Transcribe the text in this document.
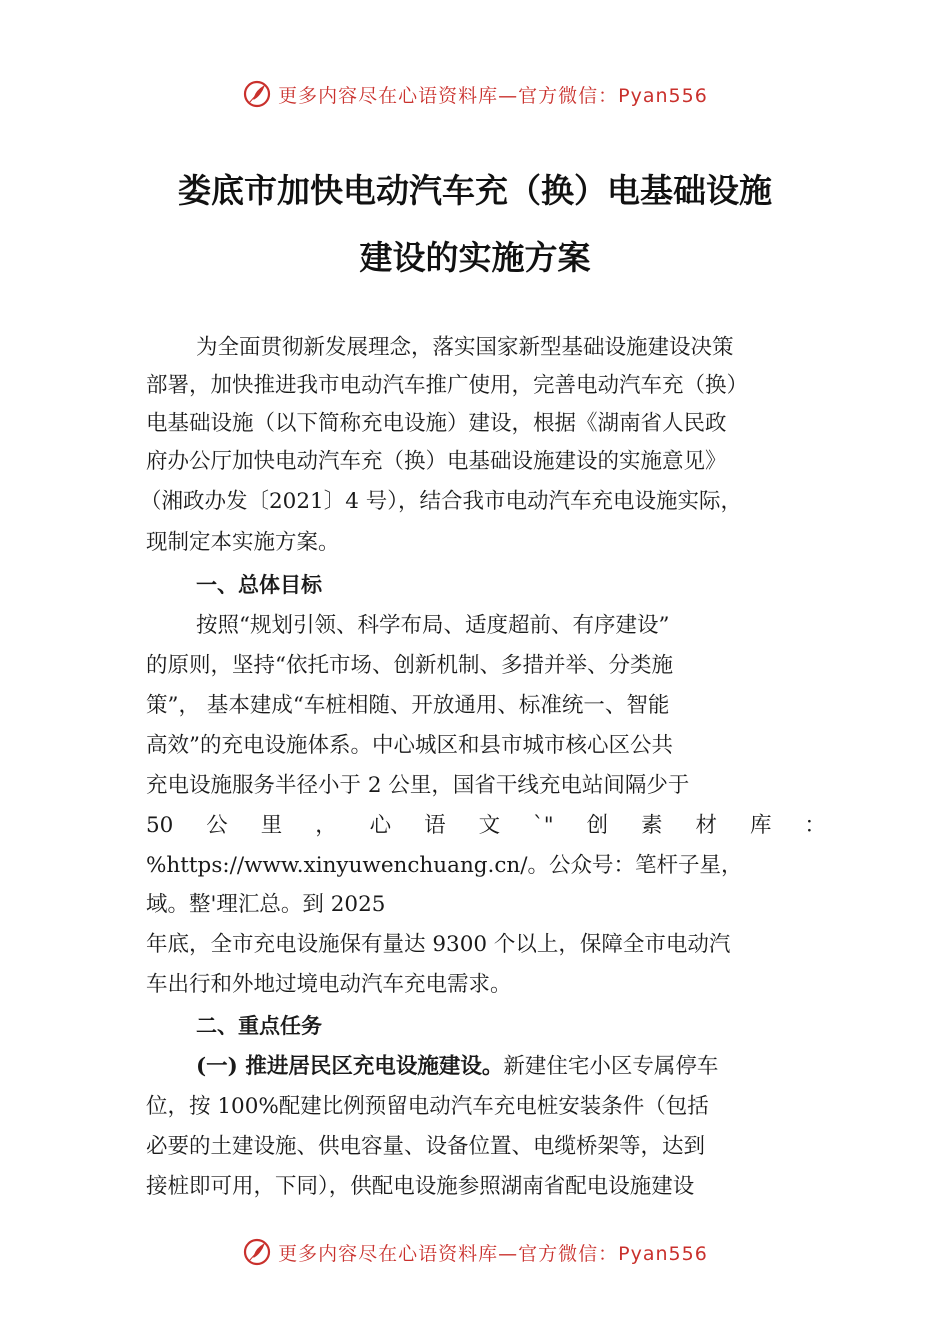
更多内容尽在心语资料库—官方微信：Pyan556
娄底市加快电动汽车充（换）电基础设施
建设的实施方案
为全面贯彻新发展理念，落实国家新型基础设施建设决策
部署，加快推进我市电动汽车推广使用，完善电动汽车充（换）
电基础设施（以下简称充电设施）建设，根据《湖南省人民政
府办公厅加快电动汽车充（换）电基础设施建设的实施意见》
（湘政办发〔2021〕4 号），结合我市电动汽车充电设施实际，
现制定本实施方案。
一、总体目标
按照“规划引领、科学布局、适度超前、有序建设”
的原则，坚持“依托市场、创新机制、多措并举、分类施
策”， 基本建成“车桩相随、开放通用、标准统一、智能
高效”的充电设施体系。中心城区和县市城市核心区公共
充电设施服务半径小于 2 公里，国省干线充电站间隔少于
50 公 里 ， 心 语 文 `" 创 素 材 库 ：
%https://www.xinyuwenchuang.cn/。公众号：笔杆子星，
域。整'理汇总。到 2025
年底，全市充电设施保有量达 9300 个以上，保障全市电动汽
车出行和外地过境电动汽车充电需求。
二、重点任务
(一) 推进居民区充电设施建设。新建住宅小区专属停车
位，按 100%配建比例预留电动汽车充电桩安装条件（包括
必要的土建设施、供电容量、设备位置、电缆桥架等，达到
接桩即可用，下同），供配电设施参照湖南省配电设施建设
更多内容尽在心语资料库—官方微信：Pyan556
